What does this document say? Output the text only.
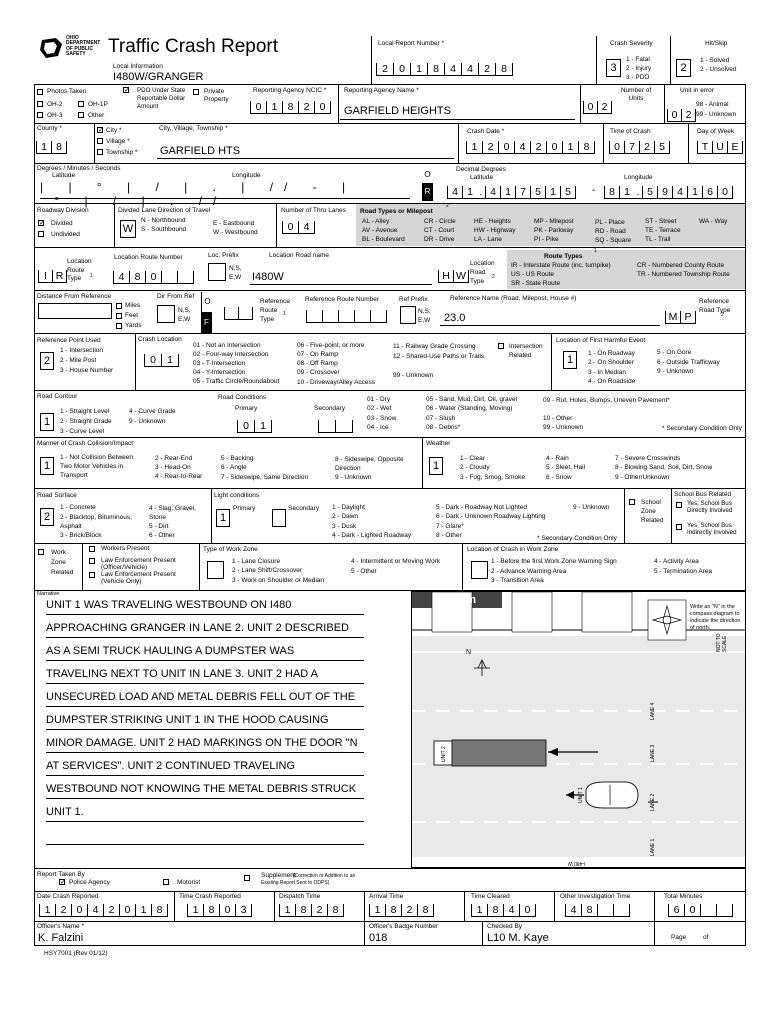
OHIO DEPARTMENT OF PUBLIC SAFETY	Traffic Crash Report
Local Information
I480W/GRANGER
Local Report Number *
2	0	1	8	4	4	2	8
Crash Severity
3
1 - Fatal
2 - Injury
3 - PDO
Hit/Skip
2
1 - Solved
2 - Unsolved
Photos Taken
OH-2	OH-1P
OH-3	Other
✓ PDO Under State Reportable Dollar Amount
Private Property
Reporting Agency NCIC *
0 1 8 2 0
Reporting Agency Name *
GARFIELD HEIGHTS
Number of Units
0 2
Unit in error
0 2
98 - Animal
99 - Unknown
County *
1 8
✓ City *
Village *
Township *
City, Village, Township *
GARFIELD HTS
Crash Date *
1 2 0 4 2 0 1 8
Time of Crash
0 7 2 5
Day of Week
T U E
Degrees / Minutes / Seconds
Latitude	Longitude
| | ° | / | . | // - | ° | / | . //
O
R
Decimal Degrees
Latitude	Longitude
4 1 . 4 1 7 5 1 5	-	8 1 . 5 9 4 1 6 0
Roadway Division
✓ Divided
Undivided
Divided Lane Direction of Travel
W
N - Northbound
S - Southbound
E - Eastbound
W - Westbound
Number of Thru Lanes
0 4
Road Types or Milepost
2
AL - Alley
AV - Avenue
BL - Boulevard
CR - Circle
CT - Court
DR - Drive
HE - Heights
HW - Highway
LA - Lane
MP - Milepost
PK - Parkway
PI - Pike
PL - Place
RD - Road
SQ - Square
ST - Street
TE - Terrace
TL - Trail
WA - Way
Location
Route Type	1
I R
Location Route Number
4 8 0
Loc. Prefix
N,S, E,W
Location Road name
I480W	H W
Location Road Type
2
Route Types
1
IR - Interstate Route (inc. turnpike)
US - US Route
SR - State Route
CR - Numbered County Route
TR - Numbered Township Route
Distance From Reference
Miles
Feet
Yards
Dir From Ref
N,S, E,W
O
F
Reference Route Type
1
Reference Route Number	Ref Prefix
N,S, E,W
Reference Name (Road, Milepost, House #)
23.0	M P
Reference Road Type
2
Reference Point Used
2
1 - Intersection
2 - Mile Post
3 - House Number
Crash Location
0	1
01 - Not an Intersection
02 - Four-way Intersection
03 - T-Intersection
04 - Y-Intersection
05 - Traffic Circle/Roundabout
06 - Five-point, or more
07 - On Ramp
08 - Off Ramp
09 - Crossover
10 - Driveway/Alley Access
11 - Railway Grade Crossing
12 - Shared-Use Paths or Trails
99 - Unknown
Intersection Related
Location of First Harmful Event
1
1 - On Roadway
2 - On Shoulder
3 - In Median
4 - On Roadside
5 - On Gore
6 - Outside Trafficway
9 - Unknown
Road Contour
1
1 - Straight Level
2 - Straight Grade
3 - Curve Level
4 - Curve Grade
9 - Unknown
Road Conditions
Primary	Secondary
0	1
01 - Dry
02 - Wet
03 - Snow
04 - Ice
05 - Sand, Mud, Dirt, Oil, gravel
06 - Water (Standing, Moving)
07 - Slush
08 - Debris*
09 - Rut, Holes, Bumps, Uneven Pavement*
10 - Other
99 - Unknown	* Secondary Condition Only
Manner of Crash Collision/Impact
1
1 - Not Collision Between Two Motor Vehicles in Transport
2 - Rear-End
3 - Head-On
4 - Rear-to-Rear
5 - Backing
6 - Angle
7 - Sideswipe, Same Direction
8 - Sideswipe, Opposite Direction
9 - Unknown
Weather
1
1 - Clear
2 - Cloudy
3 - Fog, Smog, Smoke
4 - Rain
5 - Sleet, Hail
6 - Snow
7 - Severe Crosswinds
8 - Blowing Sand, Soil, Dirt, Snow
9 - Other/Unknown
Road Surface
2
1 - Concrete
2 - Blacktop, Bituminous, Asphalt
3 - Brick/Block
4 - Slag, Gravel, Stone
5 - Dirt
6 - Other
Light conditions
Primary	Secondary
1
1 - Daylight
2 - Dawn
3 - Dusk
4 - Dark - Lighted Roadway
5 - Dark - Roadway Not Lighted
6 - Dark - Unknown Roadway Lighting
7 - Glare*
8 - Other
9 - Unknown
* Secondary Condition Only
School Zone Related
School Bus Related
Yes, School Bus Directly Involved
Yes, School Bus Indirectly Involved
Work Zone Related
Workers Present
Law Enforcement Present (Officer/Vehicle)
Law Enforcement Present (Vehicle Only)
Type of Work Zone
1 - Lane Closure
2 - Lane Shift/Crossover
3 - Work on Shoulder or Median
4 - Intermittent or Moving Work
5 - Other
Location of Crash in Work Zone
1 - Before the first Work Zone Warning Sign
2 - Advance Warning Area
3 - Transition Area
4 - Activity Area
5 - Termination Area
Narrative
UNIT 1 WAS TRAVELING WESTBOUND ON I480
APPROACHING GRANGER IN LANE 2. UNIT 2 DESCRIBED
AS A SEMI TRUCK HAULING A DUMPSTER WAS
TRAVELING NEXT TO UNIT IN LANE 3. UNIT 2 HAD A
UNSECURED LOAD AND METAL DEBRIS FELL OUT OF THE
DUMPSTER STRIKING UNIT 1 IN THE HOOD CAUSING
MINOR DAMAGE. UNIT 2 HAD MARKINGS ON THE DOOR "N
AT SERVICES". UNIT 2 CONTINUED TRAVELING
WESTBOUND NOT KNOWING THE METAL DEBRIS STRUCK
UNIT 1.
Diagram
Write an "N" in the compass diagram to indicate the direction of north.
NOT TO SCALE
N
LANE 4
LANE 3
LANE 2
LANE 1
UNIT 2
UNIT 1
I-480 W
Report Taken By
✓ Police Agency	Motorist
Supplement
(Correction or Addition to an Existing Report Sent to ODPS)
Date Crash Reported
1 2 0 4 2 0 1 8
Time Crash Reported
1 8 0 3
Dispatch Time
1 8 2 8
Arrival Time
1 8 2 8
Time Cleared
1 8 4 0
Other Investigation Time
4 8
Total Minutes
6 0
Officer's Name *
K. Falzini
Officer's Badge Number
018
Checked By
L10 M. Kaye	Page	of
HSY7001 (Rev 01/12)
